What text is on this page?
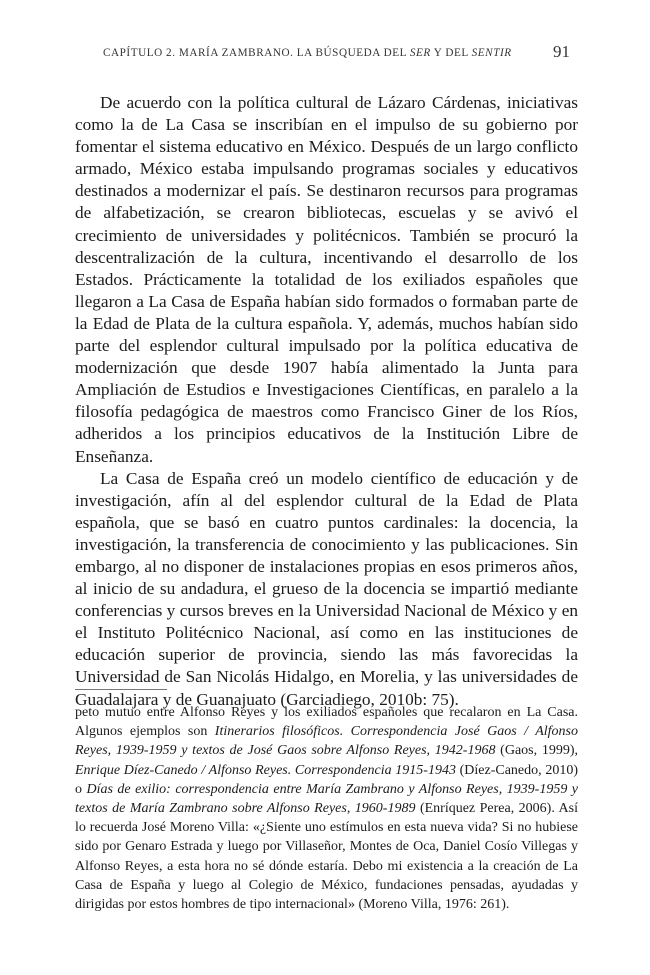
CAPÍTULO 2. MARÍA ZAMBRANO. LA BÚSQUEDA DEL SER Y DEL SENTIR 91

De acuerdo con la política cultural de Lázaro Cárdenas, iniciativas como la de La Casa se inscribían en el impulso de su gobierno por fomentar el sistema educativo en México. Después de un largo conflicto armado, México estaba impulsando programas sociales y educativos destinados a modernizar el país. Se destinaron recursos para programas de alfabetización, se crearon bibliotecas, escuelas y se avivó el crecimiento de universidades y politécnicos. También se procuró la descentralización de la cultura, incentivando el desarrollo de los Estados. Prácticamente la totalidad de los exiliados españoles que llegaron a La Casa de España habían sido formados o formaban parte de la Edad de Plata de la cultura española. Y, además, muchos habían sido parte del esplendor cultural impulsado por la política educativa de modernización que desde 1907 había alimentado la Junta para Ampliación de Estudios e Investigaciones Científicas, en paralelo a la filosofía pedagógica de maestros como Francisco Giner de los Ríos, adheridos a los principios educativos de la Institución Libre de Enseñanza.

La Casa de España creó un modelo científico de educación y de investigación, afín al del esplendor cultural de la Edad de Plata española, que se basó en cuatro puntos cardinales: la docencia, la investigación, la transferencia de conocimiento y las publicaciones. Sin embargo, al no disponer de instalaciones propias en esos primeros años, al inicio de su andadura, el grueso de la docencia se impartió mediante conferencias y cursos breves en la Universidad Nacional de México y en el Instituto Politécnico Nacional, así como en las instituciones de educación superior de provincia, siendo las más favorecidas la Universidad de San Nicolás Hidalgo, en Morelia, y las universidades de Guadalajara y de Guanajuato (Garciadiego, 2010b: 75).

peto mutuo entre Alfonso Reyes y los exiliados españoles que recalaron en La Casa. Algunos ejemplos son Itinerarios filosóficos. Correspondencia José Gaos / Alfonso Reyes, 1939-1959 y textos de José Gaos sobre Alfonso Reyes, 1942-1968 (Gaos, 1999), Enrique Díez-Canedo / Alfonso Reyes. Correspondencia 1915-1943 (Díez-Canedo, 2010) o Días de exilio: correspondencia entre María Zambrano y Alfonso Reyes, 1939-1959 y textos de María Zambrano sobre Alfonso Reyes, 1960-1989 (Enríquez Perea, 2006). Así lo recuerda José Moreno Villa: «¿Siente uno estímulos en esta nueva vida? Si no hubiese sido por Genaro Estrada y luego por Villaseñor, Montes de Oca, Daniel Cosío Villegas y Alfonso Reyes, a esta hora no sé dónde estaría. Debo mi existencia a la creación de La Casa de España y luego al Colegio de México, fundaciones pensadas, ayudadas y dirigidas por estos hombres de tipo internacional» (Moreno Villa, 1976: 261).
